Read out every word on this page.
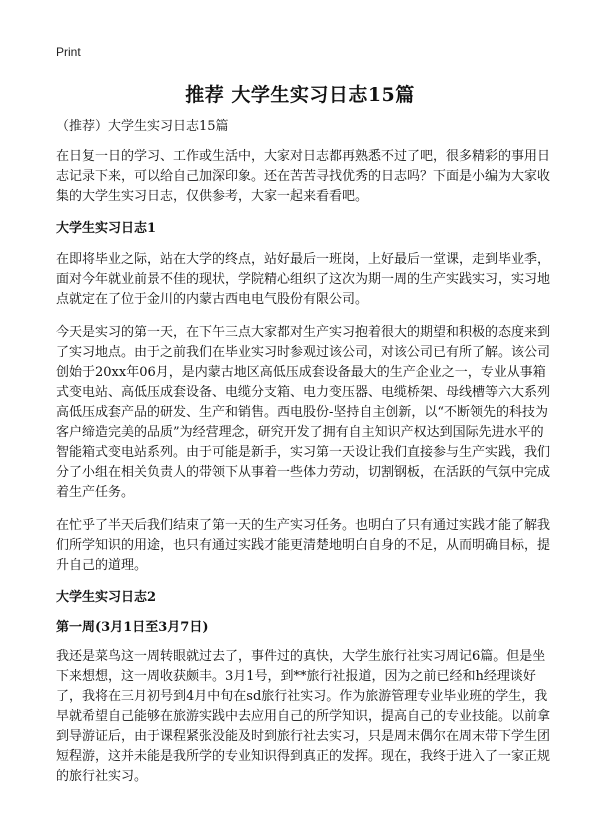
Print
推荐 大学生实习日志15篇

（推荐）大学生实习日志15篇

在日复一日的学习、工作或生活中，大家对日志都再熟悉不过了吧，很多精彩的事用日志记录下来，可以给自己加深印象。还在苦苦寻找优秀的日志吗？下面是小编为大家收集的大学生实习日志，仅供参考，大家一起来看看吧。

大学生实习日志1

在即将毕业之际，站在大学的终点，站好最后一班岗，上好最后一堂课，走到毕业季，面对今年就业前景不佳的现状，学院精心组织了这次为期一周的生产实践实习，实习地点就定在了位于金川的内蒙古西电电气股份有限公司。

今天是实习的第一天，在下午三点大家都对生产实习抱着很大的期望和积极的态度来到了实习地点。由于之前我们在毕业实习时参观过该公司，对该公司已有所了解。该公司创始于20xx年06月，是内蒙古地区高低压成套设备最大的生产企业之一，专业从事箱式变电站、高低压成套设备、电缆分支箱、电力变压器、电缆桥架、母线槽等六大系列高低压成套产品的研发、生产和销售。西电股份-坚持自主创新，以“不断领先的科技为客户缔造完美的品质”为经营理念，研究开发了拥有自主知识产权达到国际先进水平的智能箱式变电站系列。由于可能是新手，实习第一天设让我们直接参与生产实践，我们分了小组在相关负责人的带领下从事着一些体力劳动，切割钢板，在活跃的气氛中完成着生产任务。

在忙乎了半天后我们结束了第一天的生产实习任务。也明白了只有通过实践才能了解我们所学知识的用途，也只有通过实践才能更清楚地明白自身的不足，从而明确目标，提升自己的道理。

大学生实习日志2
第一周(3月1日至3月7日)

我还是菜鸟这一周转眼就过去了，事件过的真快，大学生旅行社实习周记6篇。但是坐下来想想，这一周收获颇丰。3月1号，到**旅行社报道，因为之前已经和h经理谈好了，我将在三月初号到4月中旬在sd旅行社实习。作为旅游管理专业毕业班的学生，我早就希望自己能够在旅游实践中去应用自己的所学知识，提高自己的专业技能。以前拿到导游证后，由于课程紧张没能及时到旅行社去实习，只是周末偶尔在周末带下学生团短程游，这并未能是我所学的专业知识得到真正的发挥。现在，我终于进入了一家正规的旅行社实习。
